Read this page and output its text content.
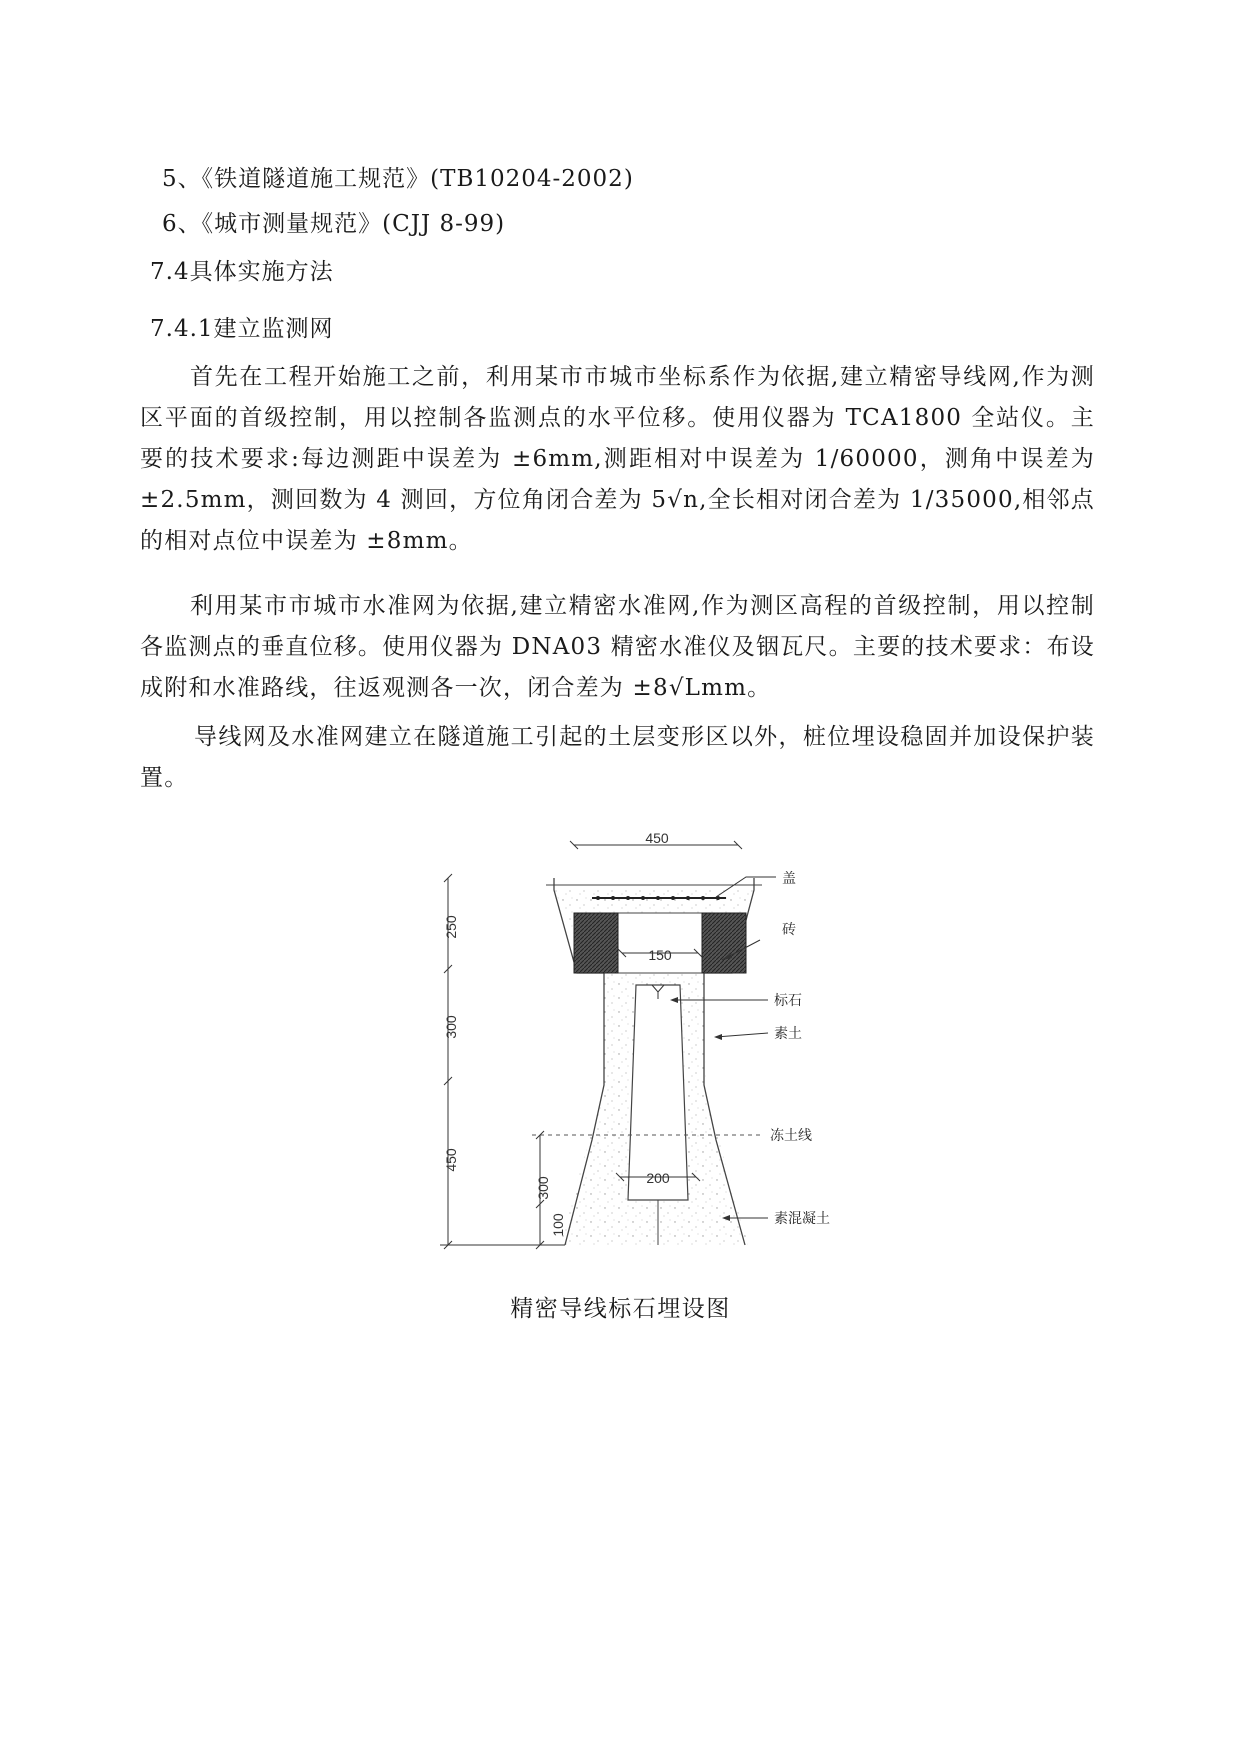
5、《铁道隧道施工规范》(TB10204-2002)
6、《城市测量规范》(CJJ 8-99)
7.4具体实施方法
7.4.1建立监测网
首先在工程开始施工之前，利用某市市城市坐标系作为依据,建立精密导线网,作为测区平面的首级控制，用以控制各监测点的水平位移。使用仪器为 TCA1800 全站仪。主要的技术要求:每边测距中误差为 ±6mm,测距相对中误差为 1/60000，测角中误差为 ±2.5mm，测回数为 4 测回，方位角闭合差为 5√n,全长相对闭合差为 1/35000,相邻点的相对点位中误差为 ±8mm。
利用某市市城市水准网为依据,建立精密水准网,作为测区高程的首级控制，用以控制各监测点的垂直位移。使用仪器为 DNA03 精密水准仪及铟瓦尺。主要的技术要求：布设成附和水准路线，往返观测各一次，闭合差为 ±8√Lmm。
导线网及水准网建立在隧道施工引起的土层变形区以外，桩位埋设稳固并加设保护装置。
450
150
200
250
300
450
300
100
盖
砖
标石
素土
冻土线
素混凝土
精密导线标石埋设图
